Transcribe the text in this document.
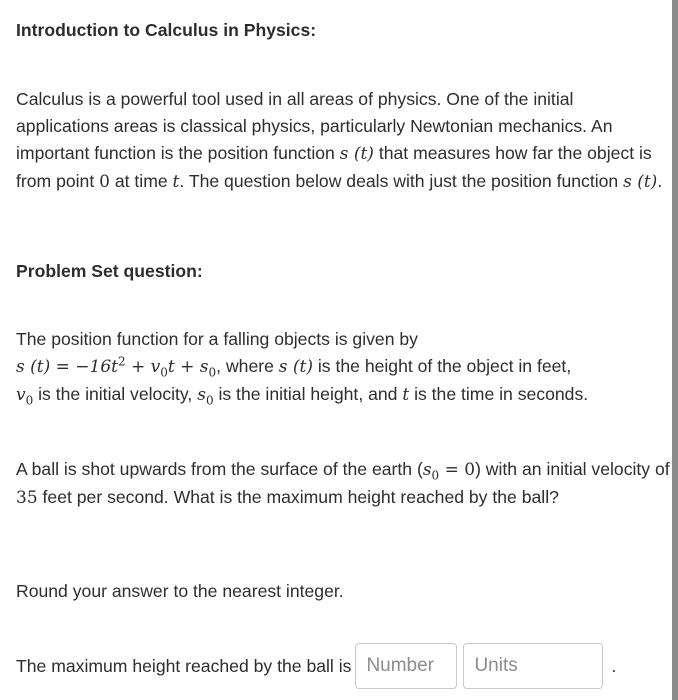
Introduction to Calculus in Physics:
Calculus is a powerful tool used in all areas of physics. One of the initial applications areas is classical physics, particularly Newtonian mechanics. An important function is the position function s (t) that measures how far the object is from point 0 at time t. The question below deals with just the position function s (t).
Problem Set question:
The position function for a falling objects is given by
s $(t) = -16t^2 + v_0t + s_0$, where s (t) is the height of the object in feet,
$v_0$ is the initial velocity, $s_0$ is the initial height, and t is the time in seconds.
A ball is shot upwards from the surface of the earth $(s_0 = 0)$ with an initial velocity of 35 feet per second. What is the maximum height reached by the ball?
Round your answer to the nearest integer.
The maximum height reached by the ball is
Number
Units	.
